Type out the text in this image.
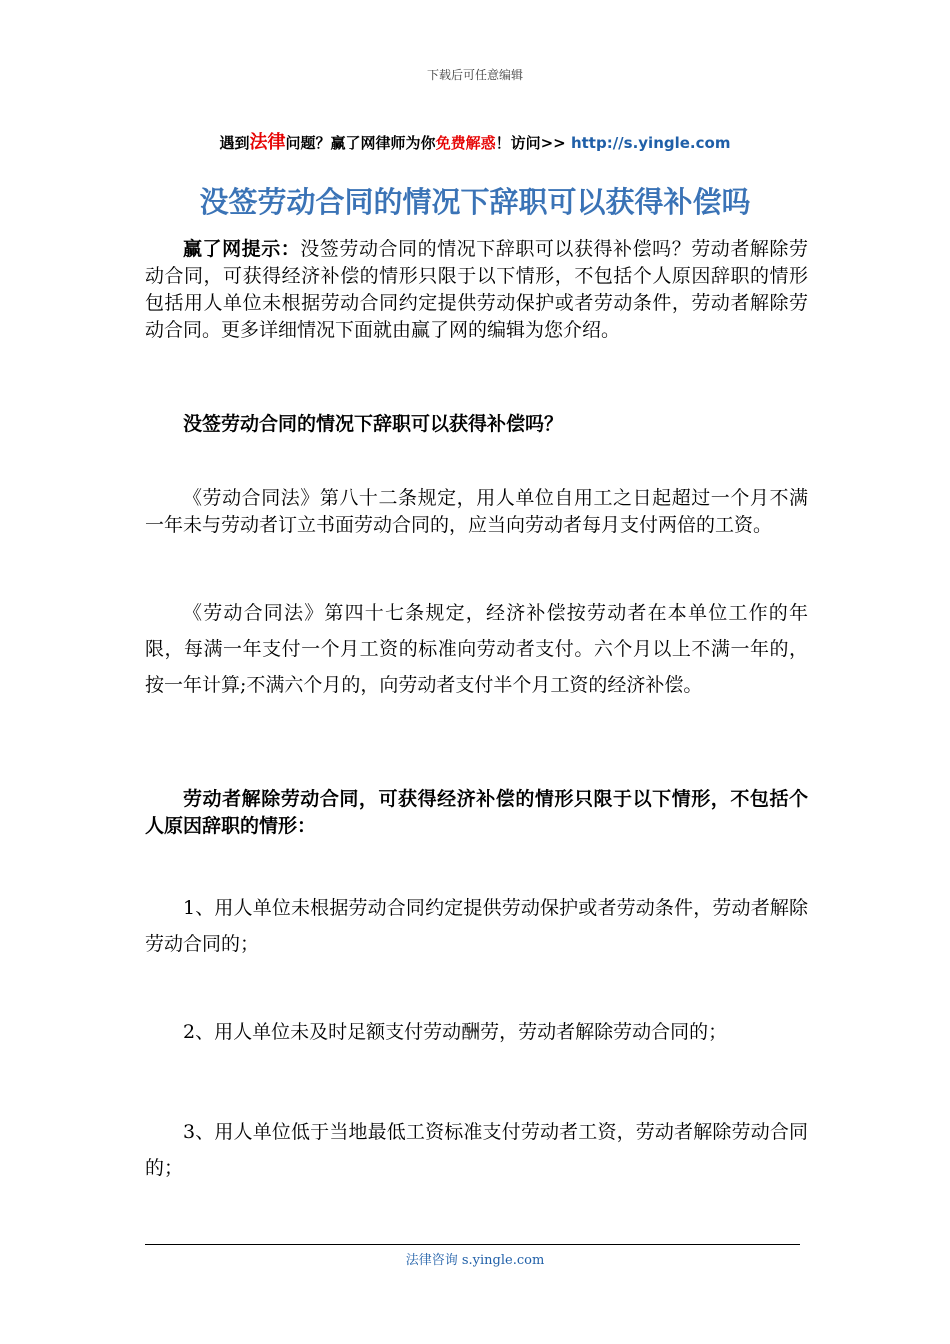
下载后可任意编辑
遇到法律问题？赢了网律师为你免费解惑！访问>> http://s.yingle.com
没签劳动合同的情况下辞职可以获得补偿吗
赢了网提示：没签劳动合同的情况下辞职可以获得补偿吗？劳动者解除劳动合同，可获得经济补偿的情形只限于以下情形，不包括个人原因辞职的情形包括用人单位未根据劳动合同约定提供劳动保护或者劳动条件，劳动者解除劳动合同。更多详细情况下面就由赢了网的编辑为您介绍。
没签劳动合同的情况下辞职可以获得补偿吗？
《劳动合同法》第八十二条规定，用人单位自用工之日起超过一个月不满一年未与劳动者订立书面劳动合同的，应当向劳动者每月支付两倍的工资。
《劳动合同法》第四十七条规定，经济补偿按劳动者在本单位工作的年限，每满一年支付一个月工资的标准向劳动者支付。六个月以上不满一年的，按一年计算;不满六个月的，向劳动者支付半个月工资的经济补偿。
劳动者解除劳动合同，可获得经济补偿的情形只限于以下情形，不包括个人原因辞职的情形：
1、用人单位未根据劳动合同约定提供劳动保护或者劳动条件，劳动者解除劳动合同的；
2、用人单位未及时足额支付劳动酬劳，劳动者解除劳动合同的；
3、用人单位低于当地最低工资标准支付劳动者工资，劳动者解除劳动合同的；
法律咨询 s.yingle.com
